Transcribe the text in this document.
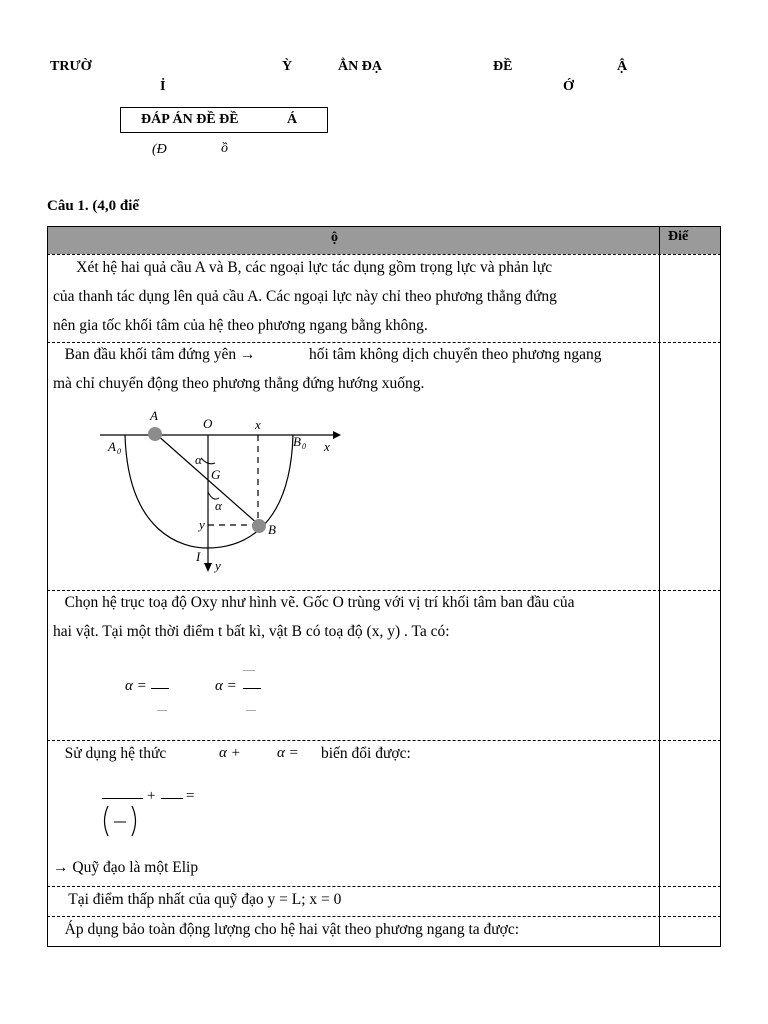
TRƯỜ	Ỳ	ẲN ĐẠ	ĐỀ	Ậ
Ỉ	Ớ
ĐÁP ÁN ĐỀ ĐỀ	Á
(Đ	ồ
Câu 1. (4,0 điể
ộ	Điể
Xét hệ hai quả cầu A và B, các ngoại lực tác dụng gồm trọng lực và phản lực
của thanh tác dụng lên quả cầu A. Các ngoại lực này chỉ theo phương thẳng đứng
nên gia tốc khối tâm của hệ theo phương ngang bằng không.
Ban đầu khối tâm đứng yên →	hối tâm không dịch chuyển theo phương ngang
mà chỉ chuyển động theo phương thẳng đứng hướng xuống.
A
O	x
A 0
B 0 x
α
G
α
y	B
I
y
Chọn hệ trục toạ độ Oxy như hình vẽ. Gốc O trùng với vị trí khối tâm ban đầu của
hai vật. Tại một thời điểm t bất kì, vật B có toạ độ (x, y) . Ta có:
α =	α =
Sử dụng hệ thức	α + α = biến đổi được:
+ =
→ Quỹ đạo là một Elip
Tại điểm thấp nhất của quỹ đạo y = L; x = 0
Áp dụng bảo toàn động lượng cho hệ hai vật theo phương ngang ta được:
